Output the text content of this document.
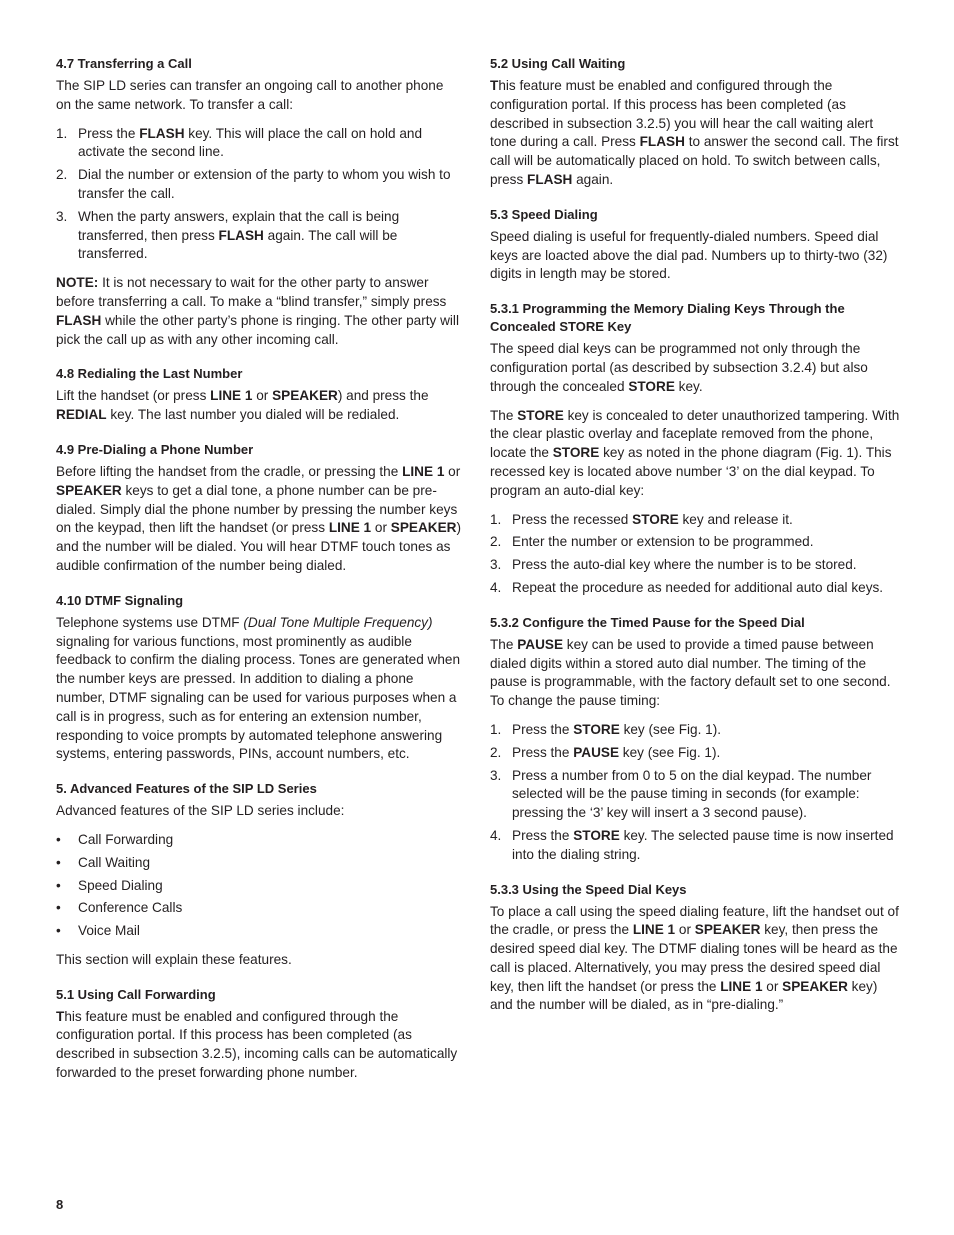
4.7 Transferring a Call

The SIP LD series can transfer an ongoing call to another phone on the same network. To transfer a call:

1. Press the FLASH key. This will place the call on hold and activate the second line.
2. Dial the number or extension of the party to whom you wish to transfer the call.
3. When the party answers, explain that the call is being transferred, then press FLASH again. The call will be transferred.

NOTE: It is not necessary to wait for the other party to answer before transferring a call. To make a “blind transfer,” simply press FLASH while the other party’s phone is ringing. The other party will pick the call up as with any other incoming call.

4.8 Redialing the Last Number

Lift the handset (or press LINE 1 or SPEAKER) and press the REDIAL key. The last number you dialed will be redialed.

4.9 Pre-Dialing a Phone Number

Before lifting the handset from the cradle, or pressing the LINE 1 or SPEAKER keys to get a dial tone, a phone number can be pre-dialed. Simply dial the phone number by pressing the number keys on the keypad, then lift the handset (or press LINE 1 or SPEAKER) and the number will be dialed. You will hear DTMF touch tones as audible confirmation of the number being dialed.

4.10 DTMF Signaling

Telephone systems use DTMF (Dual Tone Multiple Frequency) signaling for various functions, most prominently as audible feedback to confirm the dialing process. Tones are generated when the number keys are pressed. In addition to dialing a phone number, DTMF signaling can be used for various purposes when a call is in progress, such as for entering an extension number, responding to voice prompts by automated telephone answering systems, entering passwords, PINs, account numbers, etc.

5. Advanced Features of the SIP LD Series

Advanced features of the SIP LD series include:

• Call Forwarding
• Call Waiting
• Speed Dialing
• Conference Calls
• Voice Mail

This section will explain these features.

5.1 Using Call Forwarding

This feature must be enabled and configured through the configuration portal. If this process has been completed (as described in subsection 3.2.5), incoming calls can be automatically forwarded to the preset forwarding phone number.

5.2 Using Call Waiting

This feature must be enabled and configured through the configuration portal. If this process has been completed (as described in subsection 3.2.5) you will hear the call waiting alert tone during a call. Press FLASH to answer the second call. The first call will be automatically placed on hold. To switch between calls, press FLASH again.

5.3 Speed Dialing

Speed dialing is useful for frequently-dialed numbers. Speed dial keys are loacted above the dial pad. Numbers up to thirty-two (32) digits in length may be stored.

5.3.1 Programming the Memory Dialing Keys Through the Concealed STORE Key

The speed dial keys can be programmed not only through the configuration portal (as described by subsection 3.2.4) but also through the concealed STORE key.

The STORE key is concealed to deter unauthorized tampering. With the clear plastic overlay and faceplate removed from the phone, locate the STORE key as noted in the phone diagram (Fig. 1). This recessed key is located above number ‘3’ on the dial keypad. To program an auto-dial key:

1. Press the recessed STORE key and release it.
2. Enter the number or extension to be programmed.
3. Press the auto-dial key where the number is to be stored.
4. Repeat the procedure as needed for additional auto dial keys.
5.3.2 Configure the Timed Pause for the Speed Dial

The PAUSE key can be used to provide a timed pause between dialed digits within a stored auto dial number. The timing of the pause is programmable, with the factory default set to one second. To change the pause timing:

1. Press the STORE key (see Fig. 1).
2. Press the PAUSE key (see Fig. 1).
3. Press a number from 0 to 5 on the dial keypad. The number selected will be the pause timing in seconds (for example: pressing the ‘3’ key will insert a 3 second pause).
4. Press the STORE key. The selected pause time is now inserted into the dialing string.
5.3.3 Using the Speed Dial Keys

To place a call using the speed dialing feature, lift the handset out of the cradle, or press the LINE 1 or SPEAKER key, then press the desired speed dial key. The DTMF dialing tones will be heard as the call is placed. Alternatively, you may press the desired speed dial key, then lift the handset (or press the LINE 1 or SPEAKER key) and the number will be dialed, as in “pre-dialing.”

8
